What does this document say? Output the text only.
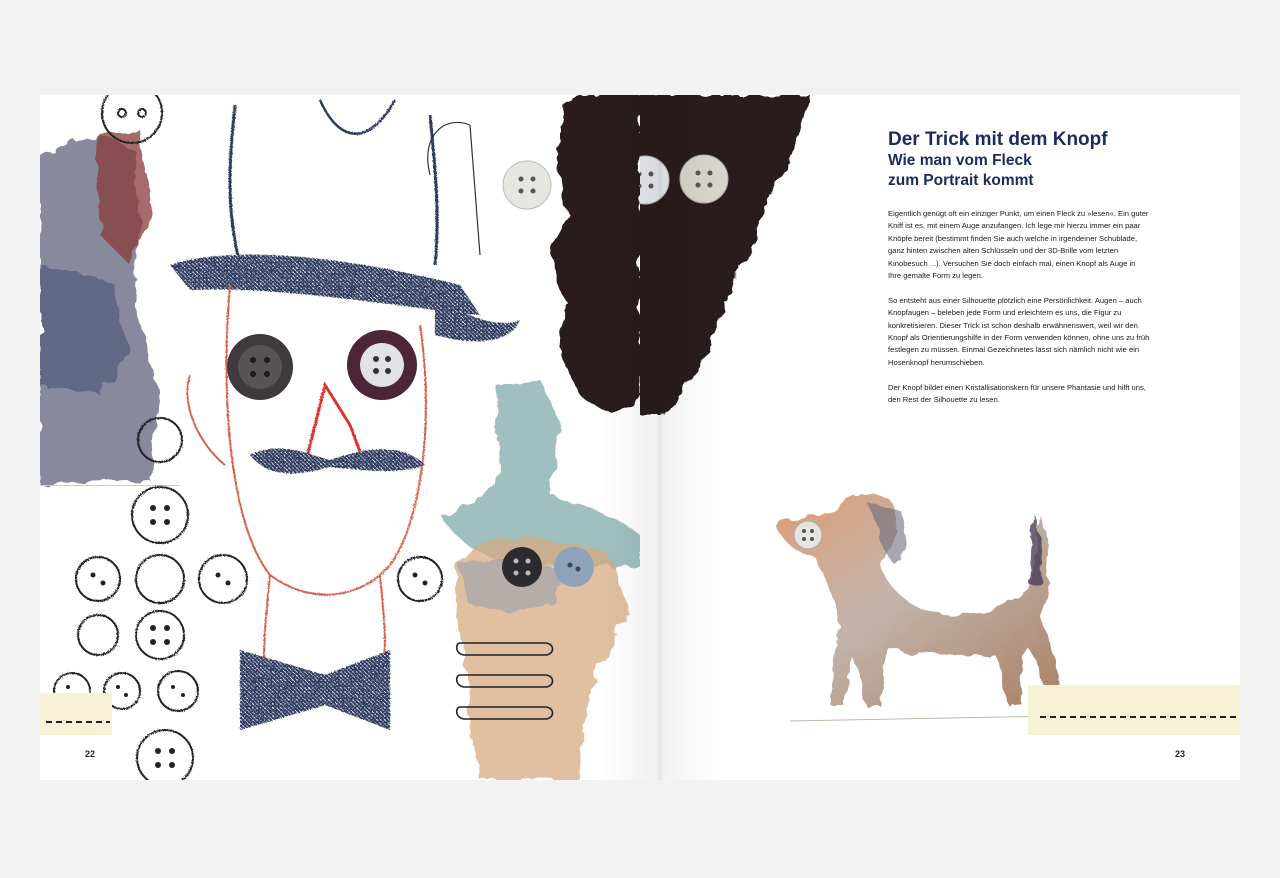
22
Der Trick mit dem Knopf
Wie man vom Fleck
zum Portrait kommt

Eigentlich genügt oft ein einziger Punkt, um einen Fleck zu »lesen«. Ein guter Kniff ist es, mit einem Auge anzufangen. Ich lege mir hierzu immer ein paar Knöpfe bereit (bestimmt finden Sie auch welche in irgendeiner Schublade, ganz hinten zwischen alten Schlüsseln und der 3D-Brille vom letzten Kinobesuch ...). Versuchen Sie doch einfach mal, einen Knopf als Auge in Ihre gemalte Form zu legen.

So entsteht aus einer Silhouette plötzlich eine Persönlichkeit. Augen – auch Knopfaugen – beleben jede Form und erleichtern es uns, die Figur zu konkretisieren. Dieser Trick ist schon deshalb erwähnenswert, weil wir den Knopf als Orientierungshilfe in der Form verwenden können, ohne uns zu früh festlegen zu müssen. Einmal Gezeichnetes lässt sich nämlich nicht wie ein Hosenknopf herumschieben.

Der Knopf bildet einen Kristallisationskern für unsere Phantasie und hilft uns, den Rest der Silhouette zu lesen.

23
